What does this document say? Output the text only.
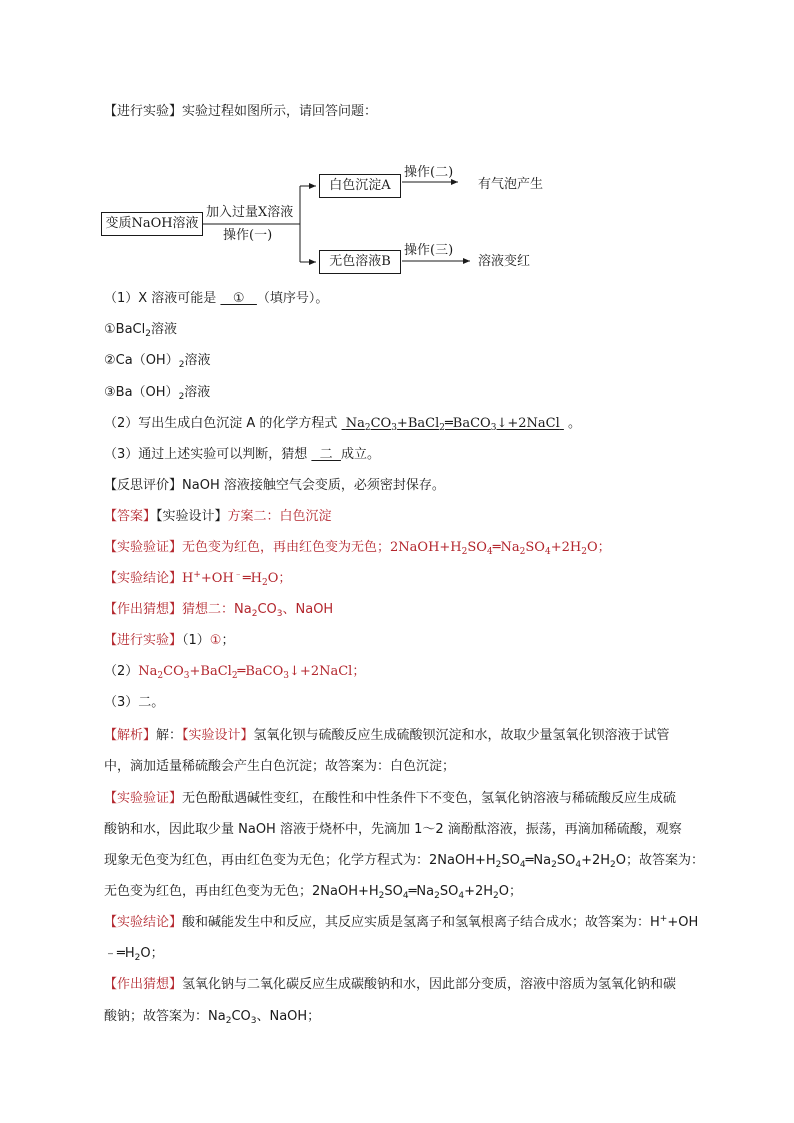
【进行实验】实验过程如图所示，请回答问题：
变质NaOH溶液
加入过量X溶液
操作(一)
白色沉淀A
无色溶液B
操作(二)
操作(三)
有气泡产生
溶液变红
（1）X 溶液可能是    ①   （填序号）。
①BaCl$_2$溶液
$②Ca(OH)_2$溶液
$③Ba(OH)_2$溶液
（2）写出生成白色沉淀 A 的化学方程式  $Na_2CO_3+BaCl_2═BaCO_3↓+2NaCl$  。
（3）通过上述实验可以判断，猜想   二  成立。
【反思评价】NaOH 溶液接触空气会变质，必须密封保存。
【答案】【实验设计】方案二：白色沉淀
【实验验证】无色变为红色，再由红色变为无色；$2NaOH+H_2SO_4═Na_2SO_4+2H_2O$；
【实验结论】$H^++OH^﹣═H_2O$；
【作出猜想】猜想二：$Na_2CO_3$、NaOH
【进行实验】（1）①；
$(2)Na_2CO_3+BaCl_2═BaCO_3↓+2NaCl$；
（3）二。
【解析】解：【实验设计】氢氧化钡与硫酸反应生成硫酸钡沉淀和水，故取少量氢氧化钡溶液于试管
中，滴加适量稀硫酸会产生白色沉淀；故答案为：白色沉淀；
【实验验证】无色酚酞遇碱性变红，在酸性和中性条件下不变色，氢氧化钠溶液与稀硫酸反应生成硫
酸钠和水，因此取少量 NaOH 溶液于烧杯中，先滴加 1～2 滴酚酞溶液，振荡，再滴加稀硫酸，观察
现象无色变为红色，再由红色变为无色；化学方程式为：$2NaOH+H_2SO_4═Na_2SO_4+2H_2O$；故答案为：
无色变为红色，再由红色变为无色；$2NaOH+H_2SO_4═Na_2SO_4+2H_2O$；
【实验结论】酸和碱能发生中和反应，其反应实质是氢离子和氢氧根离子结合成水；故答案为：H++OH
$﹣═H_2O$；
【作出猜想】氢氧化钠与二氧化碳反应生成碳酸钠和水，因此部分变质，溶液中溶质为氢氧化钠和碳
酸钠；故答案为：$Na_2CO_3$、NaOH；
